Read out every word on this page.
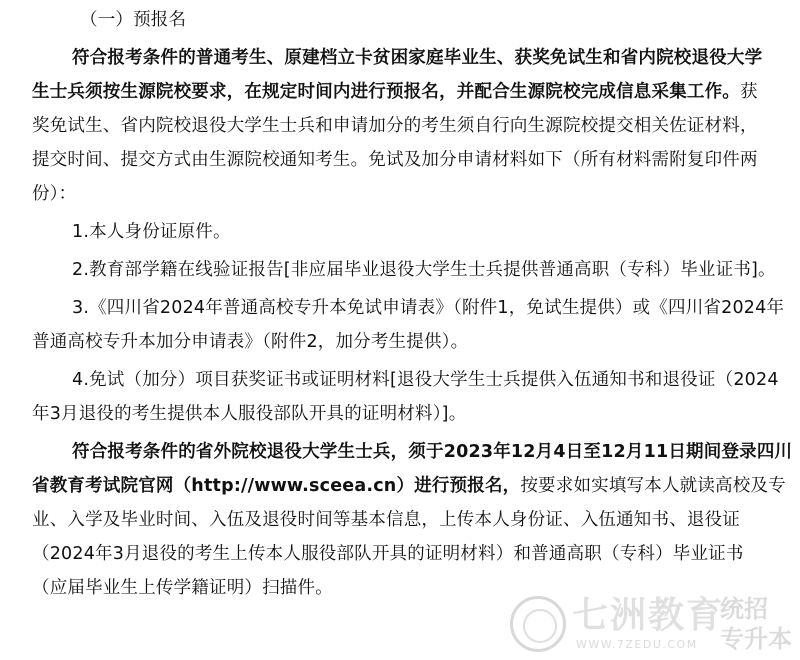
（一）预报名

符合报考条件的普通考生、原建档立卡贫困家庭毕业生、获奖免试生和省内院校退役大学

生士兵须按生源院校要求，在规定时间内进行预报名，并配合生源院校完成信息采集工作。获

奖免试生、省内院校退役大学生士兵和申请加分的考生须自行向生源院校提交相关佐证材料，

提交时间、提交方式由生源院校通知考生。免试及加分申请材料如下（所有材料需附复印件两

份）：

1.本人身份证原件。

2.教育部学籍在线验证报告[非应届毕业退役大学生士兵提供普通高职（专科）毕业证书]。

3.《四川省2024年普通高校专升本免试申请表》（附件1，免试生提供）或《四川省2024年

普通高校专升本加分申请表》（附件2，加分考生提供）。

4.免试（加分）项目获奖证书或证明材料[退役大学生士兵提供入伍通知书和退役证（2024

年3月退役的考生提供本人服役部队开具的证明材料）]。

符合报考条件的省外院校退役大学生士兵，须于2023年12月4日至12月11日期间登录四川

省教育考试院官网（http://www.sceea.cn）进行预报名，按要求如实填写本人就读高校及专

业、入学及毕业时间、入伍及退役时间等基本信息，上传本人身份证、入伍通知书、退役证

（2024年3月退役的考生上传本人服役部队开具的证明材料）和普通高职（专科）毕业证书

（应届毕业生上传学籍证明）扫描件。

七洲教育
WWW.7ZEDU.COM
统招
专升本
